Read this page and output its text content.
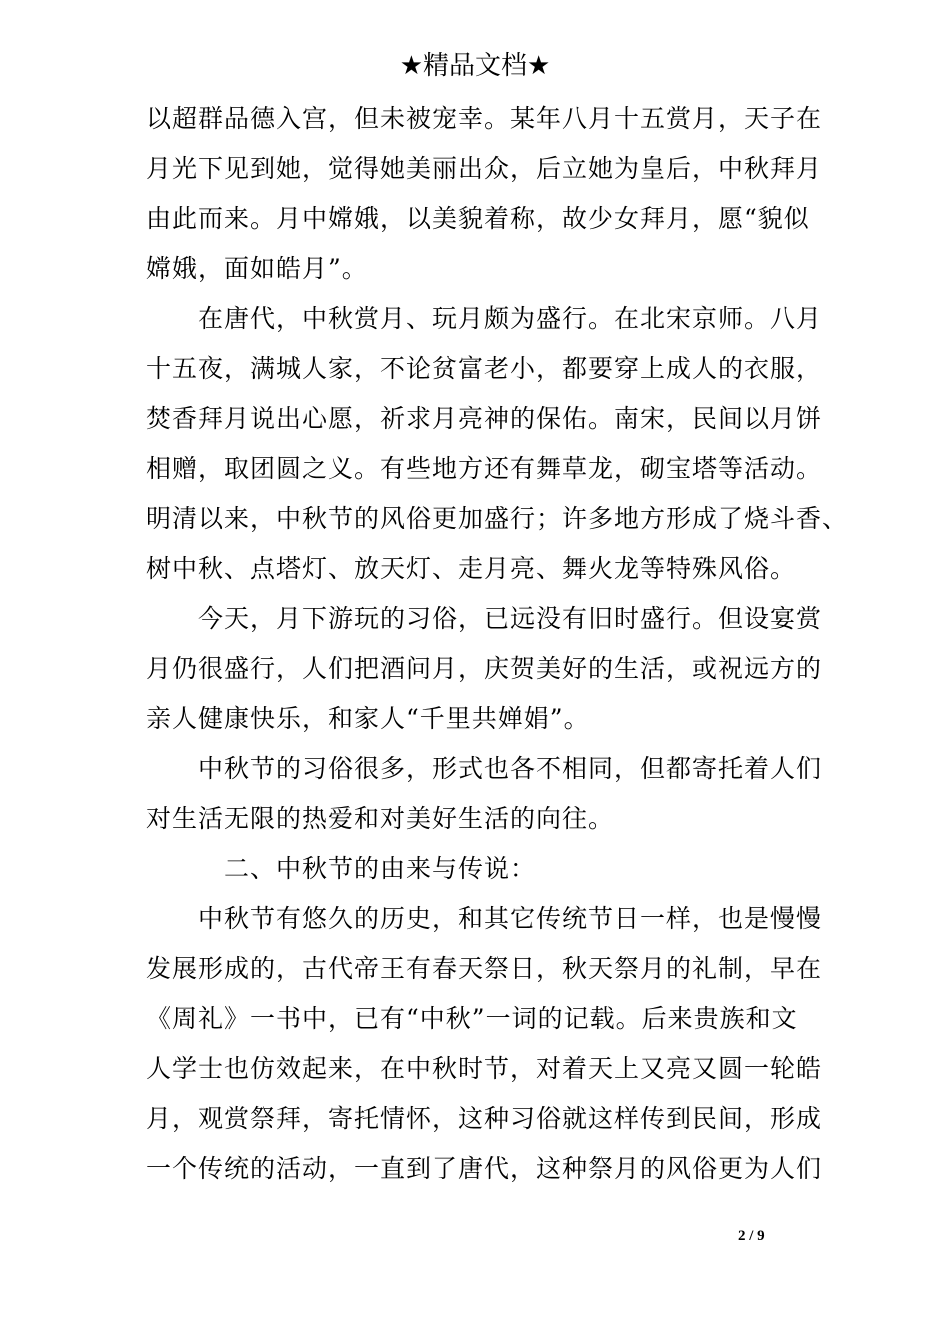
★精品文档★
以超群品德入宫，但未被宠幸。某年八月十五赏月，天子在
月光下见到她，觉得她美丽出众，后立她为皇后，中秋拜月
由此而来。月中嫦娥，以美貌着称，故少女拜月，愿“貌似
嫦娥，面如皓月”。
在唐代，中秋赏月、玩月颇为盛行。在北宋京师。八月
十五夜，满城人家，不论贫富老小，都要穿上成人的衣服，
焚香拜月说出心愿，祈求月亮神的保佑。南宋，民间以月饼
相赠，取团圆之义。有些地方还有舞草龙，砌宝塔等活动。
明清以来，中秋节的风俗更加盛行；许多地方形成了烧斗香、
树中秋、点塔灯、放天灯、走月亮、舞火龙等特殊风俗。
今天，月下游玩的习俗，已远没有旧时盛行。但设宴赏
月仍很盛行，人们把酒问月，庆贺美好的生活，或祝远方的
亲人健康快乐，和家人“千里共婵娟”。
中秋节的习俗很多，形式也各不相同，但都寄托着人们
对生活无限的热爱和对美好生活的向往。
二、中秋节的由来与传说：
中秋节有悠久的历史，和其它传统节日一样，也是慢慢
发展形成的，古代帝王有春天祭日，秋天祭月的礼制，早在
《周礼》一书中，已有“中秋”一词的记载。后来贵族和文
人学士也仿效起来，在中秋时节，对着天上又亮又圆一轮皓
月，观赏祭拜，寄托情怀，这种习俗就这样传到民间，形成
一个传统的活动，一直到了唐代，这种祭月的风俗更为人们
2 / 9
